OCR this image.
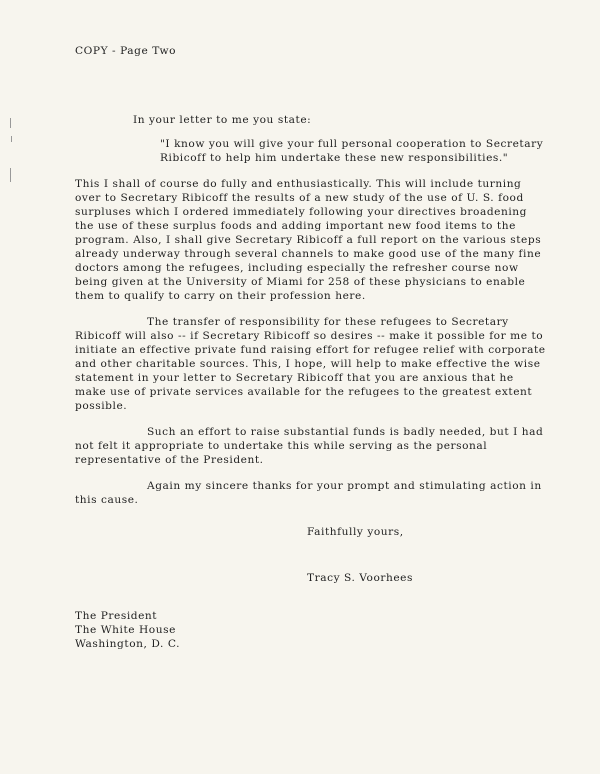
COPY - Page Two
In your letter to me you state:
"I know you will give your full personal cooperation to Secretary Ribicoff to help him undertake these new responsibilities."
This I shall of course do fully and enthusiastically. This will include turning over to Secretary Ribicoff the results of a new study of the use of U. S. food surpluses which I ordered immediately following your directives broadening the use of these surplus foods and adding important new food items to the program. Also, I shall give Secretary Ribicoff a full report on the various steps already underway through several channels to make good use of the many fine doctors among the refugees, including especially the refresher course now being given at the University of Miami for 258 of these physicians to enable them to qualify to carry on their profession here.
The transfer of responsibility for these refugees to Secretary Ribicoff will also -- if Secretary Ribicoff so desires -- make it possible for me to initiate an effective private fund raising effort for refugee relief with corporate and other charitable sources. This, I hope, will help to make effective the wise statement in your letter to Secretary Ribicoff that you are anxious that he make use of private services available for the refugees to the greatest extent possible.
Such an effort to raise substantial funds is badly needed, but I had not felt it appropriate to undertake this while serving as the personal representative of the President.
Again my sincere thanks for your prompt and stimulating action in this cause.
Faithfully yours,
Tracy S. Voorhees
The President
The White House
Washington, D. C.
